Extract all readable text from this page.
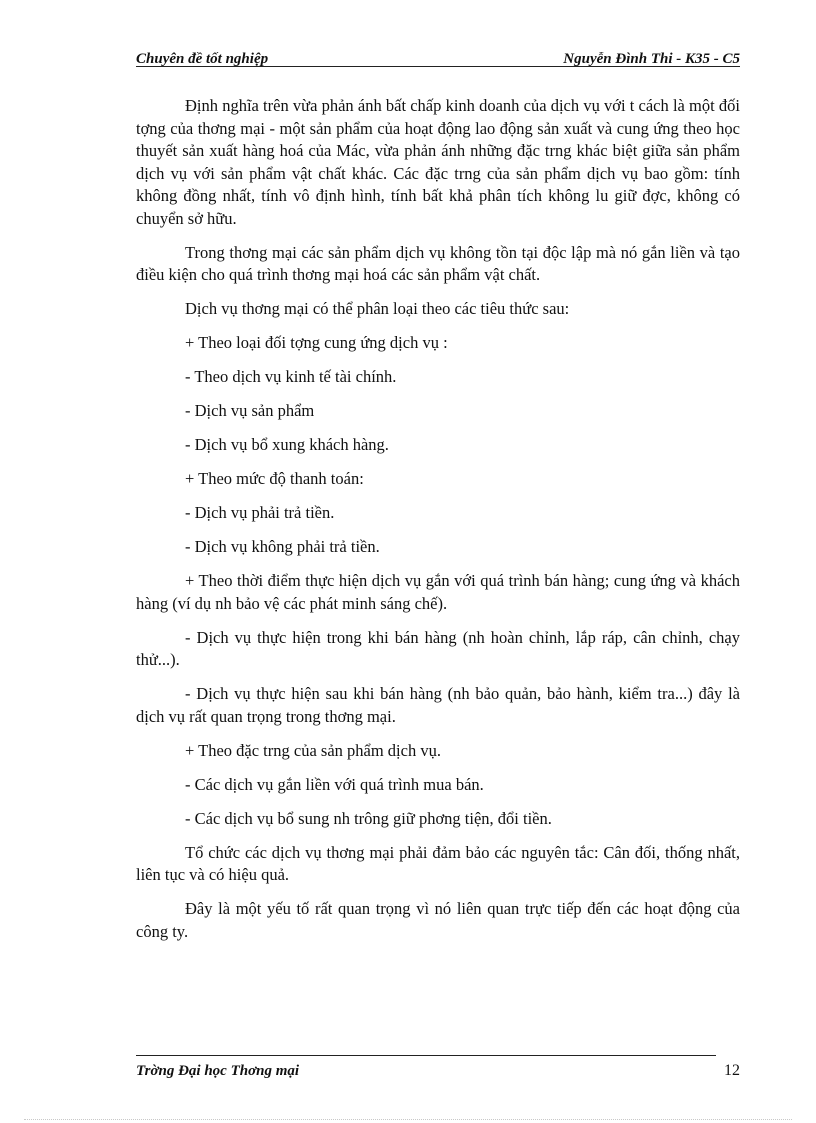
Chuyên đề tốt nghiệp	Nguyễn Đình Thi - K35 - C5

Định nghĩa trên vừa phản ánh bất chấp kinh doanh của dịch vụ với t cách là một đối tợng của thơng mại - một sản phẩm của hoạt động lao động sản xuất và cung ứng theo học thuyết sản xuất hàng hoá của Mác, vừa phản ánh những đặc trng khác biệt giữa sản phẩm dịch vụ với sản phẩm vật chất khác. Các đặc trng của sản phẩm dịch vụ bao gồm: tính không đồng nhất, tính vô định hình, tính bất khả phân tích không lu giữ đợc, không có chuyển sở hữu.

Trong thơng mại các sản phẩm dịch vụ không tồn tại độc lập mà nó gắn liền và tạo điều kiện cho quá trình thơng mại hoá các sản phẩm vật chất.

Dịch vụ thơng mại có thể phân loại theo các tiêu thức sau:

+ Theo loại đối tợng cung ứng dịch vụ :

- Theo dịch vụ kinh tế tài chính.

- Dịch vụ sản phẩm

- Dịch vụ bổ xung khách hàng.

+ Theo mức độ thanh toán:

- Dịch vụ phải trả tiền.

- Dịch vụ không phải trả tiền.

+ Theo thời điểm thực hiện dịch vụ gắn với quá trình bán hàng; cung ứng và khách hàng (ví dụ nh bảo vệ các phát minh sáng chế).

- Dịch vụ thực hiện trong khi bán hàng (nh hoàn chỉnh, lắp ráp, cân chỉnh, chạy thử...).

- Dịch vụ thực hiện sau khi bán hàng (nh bảo quản, bảo hành, kiểm tra...) đây là dịch vụ rất quan trọng trong thơng mại.

+ Theo đặc trng của sản phẩm dịch vụ.

- Các dịch vụ gắn liền với quá trình mua bán.

- Các dịch vụ bổ sung nh trông giữ phơng tiện, đổi tiền.

Tổ chức các dịch vụ thơng mại phải đảm bảo các nguyên tắc: Cân đối, thống nhất, liên tục và có hiệu quả.

Đây là một yếu tố rất quan trọng vì nó liên quan trực tiếp đến các hoạt động của công ty.

Trờng Đại học Thơng mại	12
